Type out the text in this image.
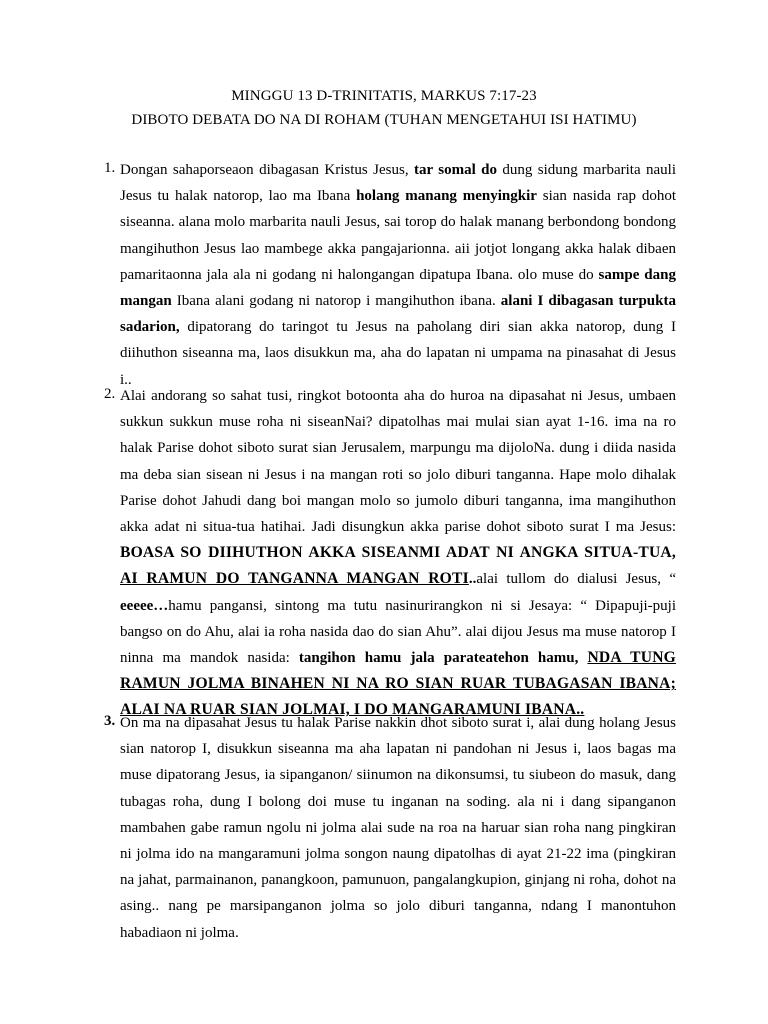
MINGGU 13 D-TRINITATIS, MARKUS 7:17-23
DIBOTO DEBATA DO NA DI ROHAM (TUHAN MENGETAHUI ISI HATIMU)
1. Dongan sahaporseaon dibagasan Kristus Jesus, tar somal do dung sidung marbarita nauli Jesus tu halak natorop, lao ma Ibana holang manang menyingkir sian nasida rap dohot siseanna. alana molo marbarita nauli Jesus, sai torop do halak manang berbondong bondong mangihuthon Jesus lao mambege akka pangajarionna. aii jotjot longang akka halak dibaen pamaritaonna jala ala ni godang ni halongangan dipatupa Ibana. olo muse do sampe dang mangan Ibana alani godang ni natorop i mangihuthon ibana. alani I dibagasan turpukta sadarion, dipatorang do taringot tu Jesus na paholang diri sian akka natorop, dung I diihuthon siseanna ma, laos disukkun ma, aha do lapatan ni umpama na pinasahat di Jesus i..
2. Alai andorang so sahat tusi, ringkot botoonta aha do huroa na dipasahat ni Jesus, umbaen sukkun sukkun muse roha ni siseanNai? dipatolhas mai mulai sian ayat 1-16. ima na ro halak Parise dohot siboto surat sian Jerusalem, marpungu ma dijoloNa. dung i diida nasida ma deba sian sisean ni Jesus i na mangan roti so jolo diburi tanganna. Hape molo dihalak Parise dohot Jahudi dang boi mangan molo so jumolo diburi tanganna, ima mangihuthon akka adat ni situa-tua hatihai. Jadi disungkun akka parise dohot siboto surat I ma Jesus: BOASA SO DIIHUTHON AKKA SISEANMI ADAT NI ANGKA SITUA-TUA, AI RAMUN DO TANGANNA MANGAN ROTI..alai tullom do dialusi Jesus, “ eeeee…hamu pangansi, sintong ma tutu nasinurirangkon ni si Jesaya: “ Dipapuji-puji bangso on do Ahu, alai ia roha nasida dao do sian Ahu”. alai dijou Jesus ma muse natorop I ninna ma mandok nasida: tangihon hamu jala parateatehon hamu, NDA TUNG RAMUN JOLMA BINAHEN NI NA RO SIAN RUAR TUBAGASAN IBANA; ALAI NA RUAR SIAN JOLMAI, I DO MANGARAMUNI IBANA..
3. On ma na dipasahat Jesus tu halak Parise nakkin dhot siboto surat i, alai dung holang Jesus sian natorop I, disukkun siseanna ma aha lapatan ni pandohan ni Jesus i, laos bagas ma muse dipatorang Jesus, ia sipanganon/ siinumon na dikonsumsi, tu siubeon do masuk, dang tubagas roha, dung I bolong doi muse tu inganan na soding. ala ni i dang sipanganon mambahen gabe ramun ngolu ni jolma alai sude na roa na haruar sian roha nang pingkiran ni jolma ido na mangaramuni jolma songon naung dipatolhas di ayat 21-22 ima (pingkiran na jahat, parmainanon, panangkoon, pamunuon, pangalangkupion, ginjang ni roha, dohot na asing.. nang pe marsipanganon jolma so jolo diburi tanganna, ndang I manontuhon habadiaon ni jolma.
